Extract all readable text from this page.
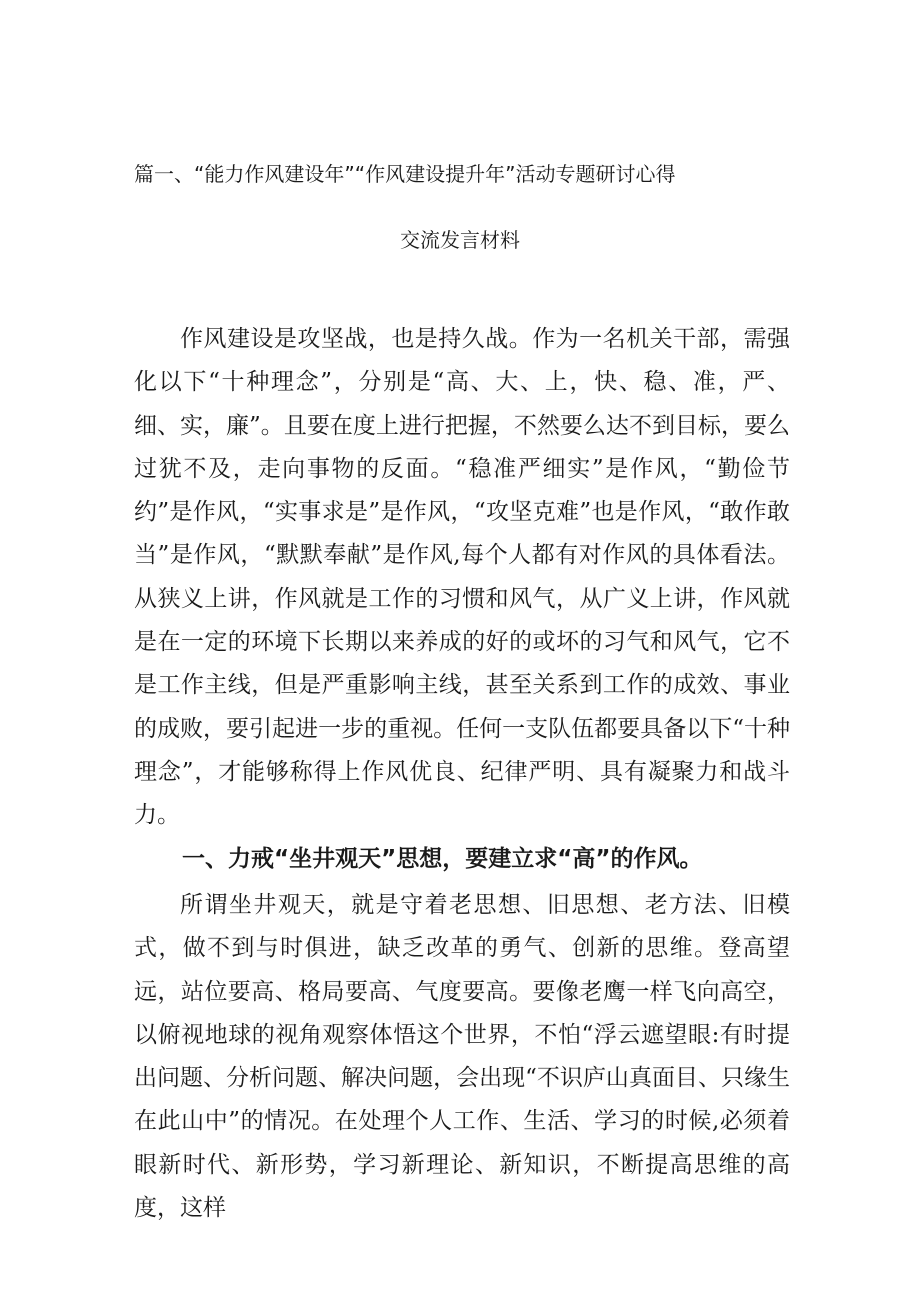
篇一、“能力作风建设年”“作风建设提升年”活动专题研讨心得
交流发言材料

作风建设是攻坚战，也是持久战。作为一名机关干部，需强化以下“十种理念”，分别是“高、大、上，快、稳、准，严、细、实，廉”。且要在度上进行把握，不然要么达不到目标，要么过犹不及，走向事物的反面。“稳准严细实”是作风，“勤俭节约”是作风，“实事求是”是作风，“攻坚克难”也是作风，“敢作敢当”是作风，“默默奉献”是作风,每个人都有对作风的具体看法。从狭义上讲，作风就是工作的习惯和风气，从广义上讲，作风就是在一定的环境下长期以来养成的好的或坏的习气和风气，它不是工作主线，但是严重影响主线，甚至关系到工作的成效、事业的成败，要引起进一步的重视。任何一支队伍都要具备以下“十种理念”，才能够称得上作风优良、纪律严明、具有凝聚力和战斗力。

一、力戒“坐井观天”思想，要建立求“高”的作风。

所谓坐井观天，就是守着老思想、旧思想、老方法、旧模式，做不到与时俱进，缺乏改革的勇气、创新的思维。登高望远，站位要高、格局要高、气度要高。要像老鹰一样飞向高空，以俯视地球的视角观察体悟这个世界，不怕“浮云遮望眼:有时提出问题、分析问题、解决问题，会出现“不识庐山真面目、只缘生在此山中”的情况。在处理个人工作、生活、学习的时候,必须着眼新时代、新形势，学习新理论、新知识，不断提高思维的高度，这样
